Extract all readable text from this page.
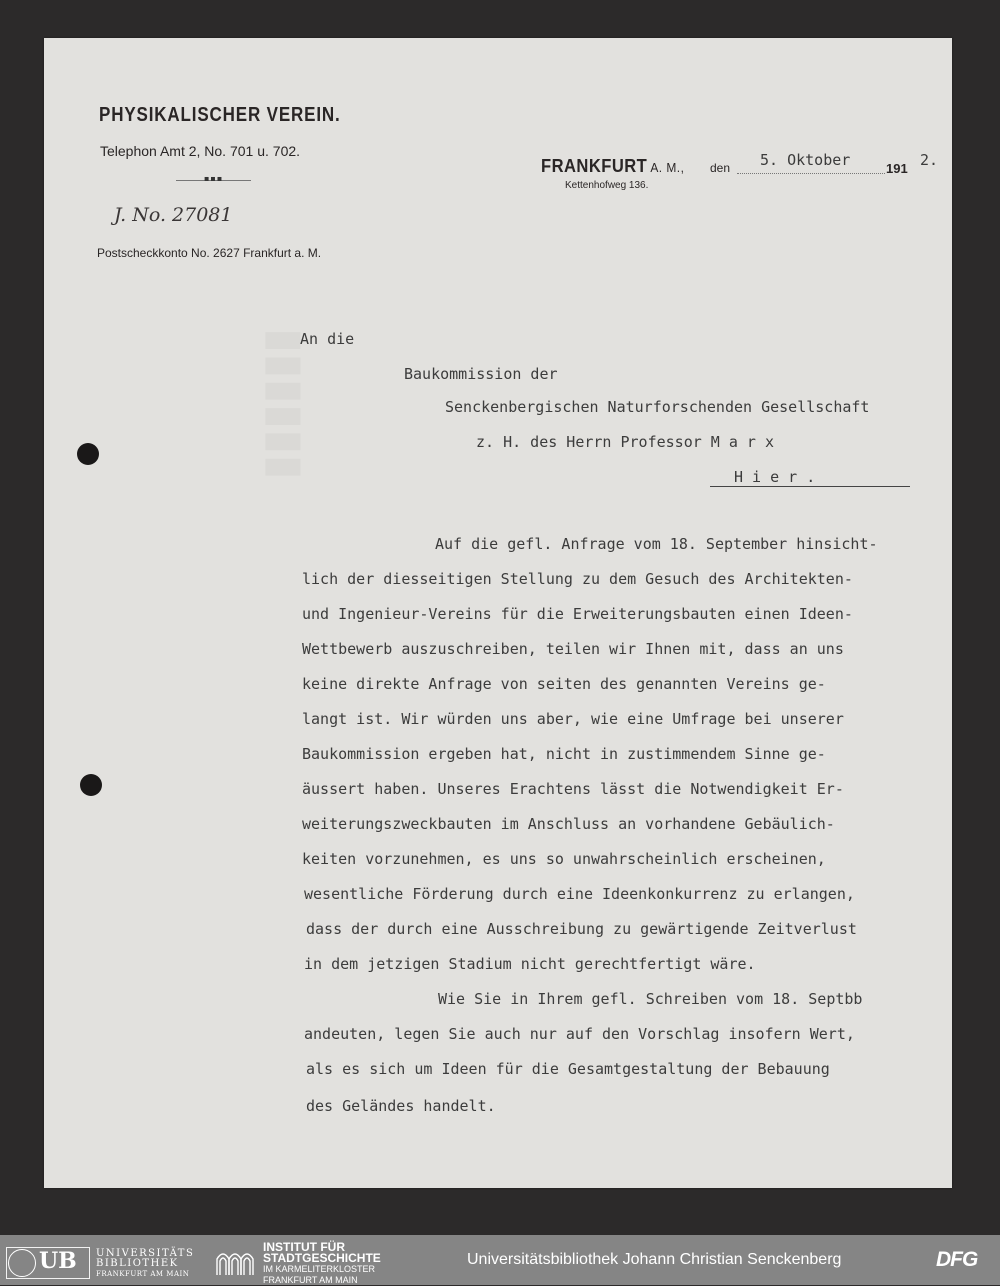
▮▮▮▮▮▮
PHYSIKALISCHER VEREIN.
Telephon Amt 2, No. 701 u. 702.
▪▪▪
J. No. 27081
Postscheckkonto No. 2627 Frankfurt a. M.
FRANKFURT A. M., den 5. Oktober	191 2.
Kettenhofweg 136.
An die
Baukommission der
Senckenbergischen Naturforschenden Gesellschaft
z. H. des Herrn Professor M a r x
H i e r .
Auf die gefl. Anfrage vom 18. September hinsicht-
lich der diesseitigen Stellung zu dem Gesuch des Architekten-
und Ingenieur-Vereins für die Erweiterungsbauten einen Ideen-
Wettbewerb auszuschreiben, teilen wir Ihnen mit, dass an uns
keine direkte Anfrage von seiten des genannten Vereins ge-
langt ist. Wir würden uns aber, wie eine Umfrage bei unserer
Baukommission ergeben hat, nicht in zustimmendem Sinne ge-
äussert haben. Unseres Erachtens lässt die Notwendigkeit Er-
weiterungszweckbauten im Anschluss an vorhandene Gebäulich-
keiten vorzunehmen, es uns so unwahrscheinlich erscheinen,
wesentliche Förderung durch eine Ideenkonkurrenz zu erlangen,
dass der durch eine Ausschreibung zu gewärtigende Zeitverlust
in dem jetzigen Stadium nicht gerechtfertigt wäre.
Wie Sie in Ihrem gefl. Schreiben vom 18. Septbb
andeuten, legen Sie auch nur auf den Vorschlag insofern Wert,
als es sich um Ideen für die Gesamtgestaltung der Bebauung
des Geländes handelt.
UB UNIVERSITÄTS
BIBLIOTHEK
FRANKFURT AM MAIN
INSTITUT FÜR
STADTGESCHICHTE
IM KARMELITERKLOSTER
FRANKFURT AM MAIN
Universitätsbibliothek Johann Christian Senckenberg	DFG
